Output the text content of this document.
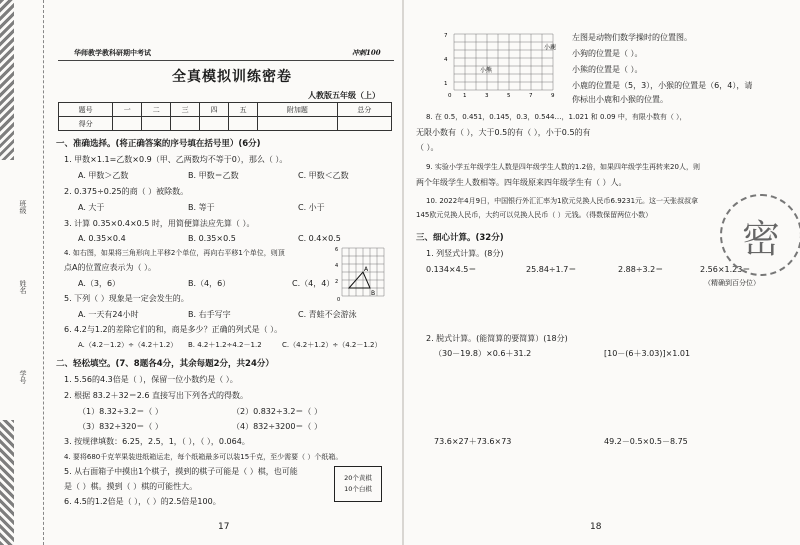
班级
姓名
学号
华师教学教科研期中考试	冲刺100
全真模拟训练密卷
人教版五年级（上）
题号	一	二	三	四	五	附加题	总分
得分							
一、准确选择。(将正确答案的序号填在括号里）(6分)
1. 甲数×1.1=乙数×0.9（甲、乙两数均不等于0），那么（ ）。
A. 甲数＞乙数	B. 甲数＝乙数	C. 甲数＜乙数
2. 0.375÷0.25的商（ ）被除数。
A. 大于	B. 等于	C. 小于
3. 计算 0.35×0.4×0.5 时，用简便算法应先算（ ）。
A. 0.35×0.4	B. 0.35×0.5	C. 0.4×0.5
4. 如右图，如果将三角形向上平移2个单位，再向右平移1个单位，则顶
点A的位置应表示为（ ）。
A.（3，6）	B.（4，6）	C.（4，4）
A
B
6
4
2
0
5. 下列（ ）现象是一定会发生的。
A. 一天有24小时	B. 右手写字	C. 青蛙不会游泳
6. 4.2与1.2的差除它们的和，商是多少？正确的列式是（ ）。
A.（4.2－1.2）÷（4.2＋1.2） B. 4.2＋1.2÷4.2－1.2	C.（4.2＋1.2）÷（4.2－1.2）
二、轻松填空。(7、8题各4分，其余每题2分，共24分）
1. 5.56的4.3倍是（ ），保留一位小数约是（ ）。
2. 根据 83.2＋32＝2.6 直接写出下列各式的得数。
（1）8.32÷3.2＝（ ）	（2）0.832÷3.2＝（ ）
（3）832÷320＝（ ）	（4）832÷3200＝（ ）
3. 按规律填数：6.25，2.5，1，（ ），（ ），0.064。
4. 要将680千克苹果装进纸箱运走，每个纸箱最多可以装15千克，至少需要（ ）个纸箱。
5. 从右面箱子中摸出1个棋子，摸到的棋子可能是（ ）棋，也可能
是（ ）棋。摸到（ ）棋的可能性大。
6. 4.5的1.2倍是（ ），（ ）的2.5倍是100。
20个黄棋
10个白棋
17
7
4
1
0 1	3	5	7	9
小鹿
小熊
左图是动物们数学操时的位置图。
小狗的位置是（ ）。
小熊的位置是（ ）。
小鹿的位置是（5，3），小猴的位置是（6，4），请
你标出小鹿和小猴的位置。
8. 在 0.5，0.451，0.145，0.3，0.544…，1.021 和 0.09 中，有限小数有（ ），
无限小数有（ ），大于0.5的有（ ），小于0.5的有
（ ）。
9. 实验小学五年级学生人数是四年级学生人数的1.2倍，如果四年级学生再转来20人，则
两个年级学生人数相等。四年级原来四年级学生有（ ）人。
10. 2022年4月9日，中国银行外汇汇率为1欧元兑换人民币6.9231元。这一天张叔叔拿
145欧元兑换人民币，大约可以兑换人民币（ ）元钱。（得数保留两位小数）
三、细心计算。(32分)
1. 列竖式计算。(8分)
0.134×4.5＝	25.84÷1.7＝	2.88÷3.2＝	2.56×1.23＝
（精确到百分位）
2. 脱式计算。(能简算的要简算）(18分)
（30－19.8）×0.6＋31.2	[10－(6＋3.03)]×1.01
73.6×27＋73.6×73	49.2－0.5×0.5－8.75
18
密
